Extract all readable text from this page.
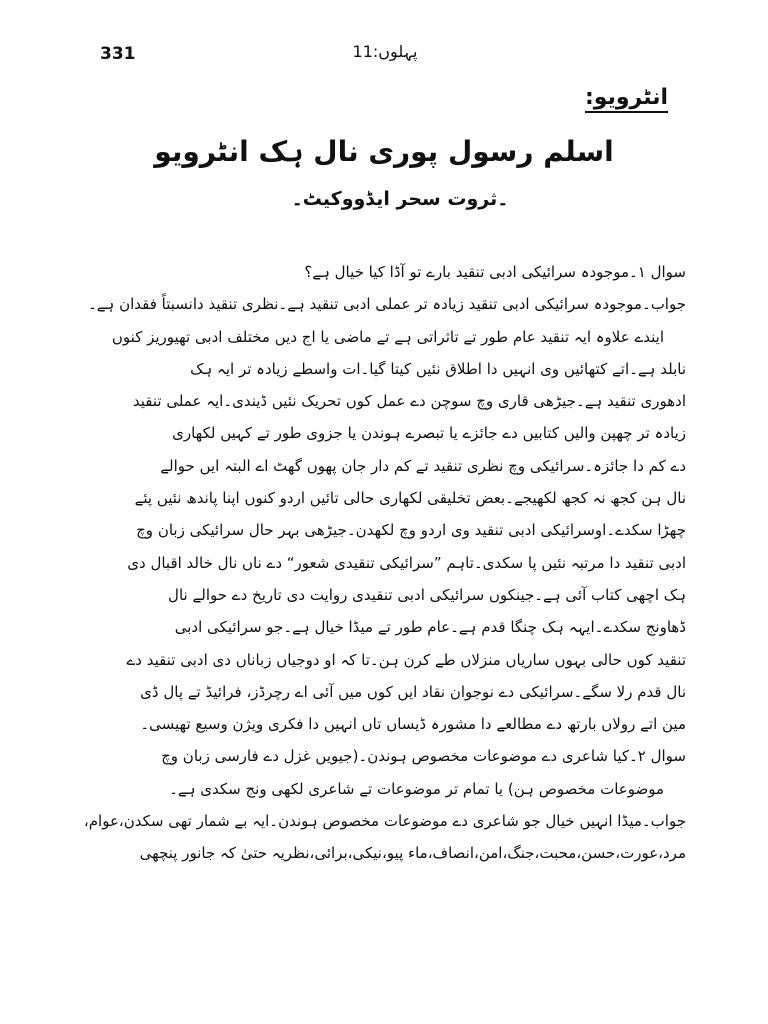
331	پہلوں:11
انٹرویو:
اسلم رسول پوری نال ہک انٹرویو
۔ثروت سحر ایڈووکیٹ۔
سوال ۱۔موجودہ سرائیکی ادبی تنقید بارے تو آڈا کیا خیال ہے؟
جواب۔موجودہ سرائیکی ادبی تنقید زیادہ تر عملی ادبی تنقید ہے۔نظری تنقید دانسبتاً فقدان ہے۔
ایندے علاوہ ایہ تنقید عام طور تے تاثراتی ہے تے ماضی یا اج دیں مختلف ادبی تھیوریز کنوں
نابلد ہے۔اتے کتھائیں وی انہیں دا اطلاق نئیں کیتا گیا۔ات واسطے زیادہ تر ایہ ہک
ادھوری تنقید ہے۔جیڑھی قاری وچ سوچن دے عمل کوں تحریک نئیں ڈیندی۔ایہ عملی تنقید
زیادہ تر چھپن والیں کتابیں دے جائزے یا تبصرے ہوندن یا جزوی طور تے کہیں لکھاری
دے کم دا جائزہ۔سرائیکی وچ نظری تنقید تے کم دار جان پھوں گھٹ اے البتہ ایں حوالے
نال ہن کجھ نہ کجھ لکھیجے۔بعض تخلیقی لکھاری حالی تائیں اردو کنوں اپنا پاندھ نئیں پئے
چھڑا سکدے۔اوسرائیکی ادبی تنقید وی اردو وچ لکھدن۔جیڑھی بہر حال سرائیکی زبان وچ
ادبی تنقید دا مرتبہ نئیں پا سکدی۔تاہم ”سرائیکی تنقیدی شعور“ دے ناں نال خالد اقبال دی
ہک اچھی کتاب آئی ہے۔جینکوں سرائیکی ادبی تنقیدی روایت دی تاریخ دے حوالے نال
ڈھاونج سکدے۔ایہہ ہک چنگا قدم ہے۔عام طور تے میڈا خیال ہے۔جو سرائیکی ادبی
تنقید کوں حالی بہوں ساریاں منزلاں طے کرن ہن۔تا کہ او دوجیاں زباناں دی ادبی تنقید دے
نال قدم رلا سگے۔سرائیکی دے نوجوان نقاد ایں کوں میں آئی اے رچرڈز، فرائیڈ تے پال ڈی
مین اتے رولاں بارتھ دے مطالعے دا مشورہ ڈیساں تاں انہیں دا فکری ویژن وسیع تھیسی۔
سوال ۲۔کیا شاعری دے موضوعات مخصوص ہوندن۔(جیویں غزل دے فارسی زبان وچ
موضوعات مخصوص ہن) یا تمام تر موضوعات تے شاعری لکھی ونج سکدی ہے۔
جواب۔میڈا انہیں خیال جو شاعری دے موضوعات مخصوص ہوندن۔ایہ بے شمار تھی سکدن،عوام،
مرد،عورت،حسن،محبت،جنگ،امن،انصاف،ماء پیو،نیکی،برائی،نظریہ حتیٰ کہ جانور پنچھی
